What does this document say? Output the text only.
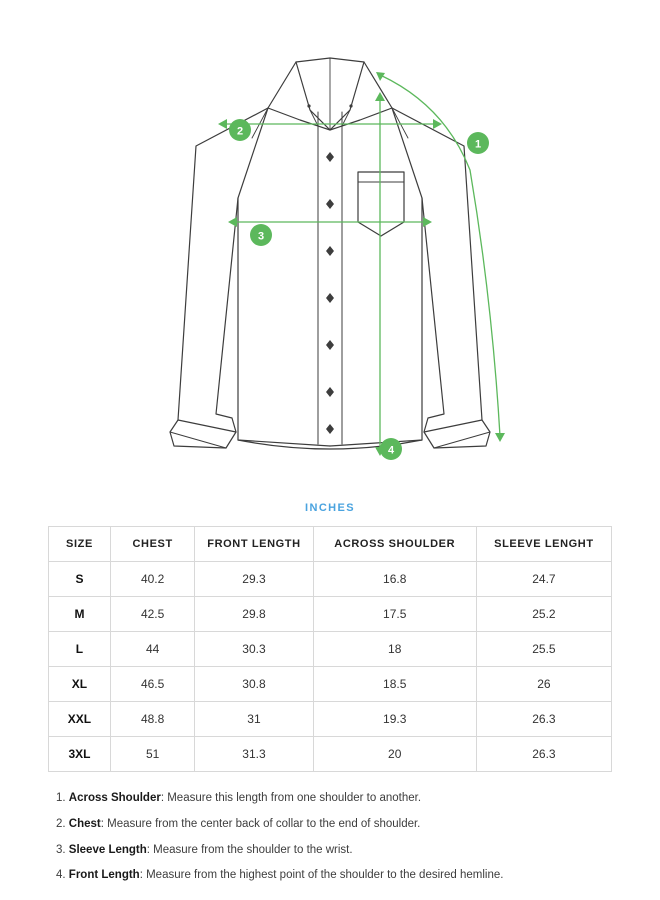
1
2
3
4
INCHES
SIZE	CHEST	FRONT LENGTH	ACROSS SHOULDER	SLEEVE LENGHT
S	40.2	29.3	16.8	24.7
M	42.5	29.8	17.5	25.2
L	44	30.3	18	25.5
XL	46.5	30.8	18.5	26
XXL	48.8	31	19.3	26.3
3XL	51	31.3	20	26.3
1. Across Shoulder: Measure this length from one shoulder to another.
2. Chest: Measure from the center back of collar to the end of shoulder.
3. Sleeve Length: Measure from the shoulder to the wrist.
4. Front Length: Measure from the highest point of the shoulder to the desired hemline.
